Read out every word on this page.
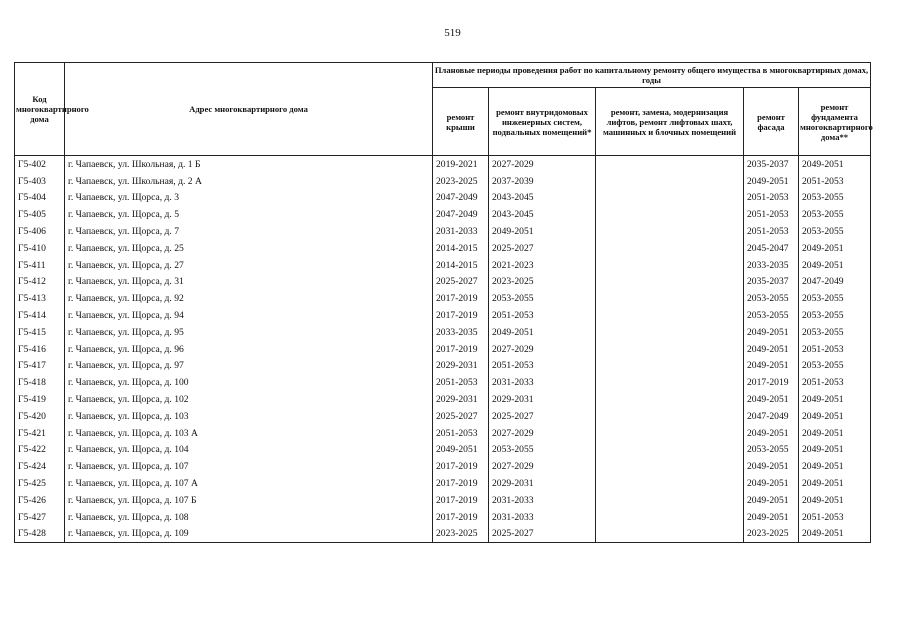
519
Код многоквартирного дома	Адрес многоквартирного дома	Плановые периоды проведения работ по капитальному ремонту общего имущества в многоквартирных домах, годы				
		ремонт крыши	ремонт внутридомовых инженерных систем, подвальных помещений*	ремонт, замена, модернизация лифтов, ремонт лифтовых шахт, машинных и блочных помещений	ремонт фасада	ремонт фундамента многоквартирного дома**
Г5-402	г. Чапаевск, ул. Школьная, д. 1 Б	2019-2021	2027-2029		2035-2037	2049-2051
Г5-403	г. Чапаевск, ул. Школьная, д. 2 А	2023-2025	2037-2039		2049-2051	2051-2053
Г5-404	г. Чапаевск, ул. Щорса, д. 3	2047-2049	2043-2045		2051-2053	2053-2055
Г5-405	г. Чапаевск, ул. Щорса, д. 5	2047-2049	2043-2045		2051-2053	2053-2055
Г5-406	г. Чапаевск, ул. Щорса, д. 7	2031-2033	2049-2051		2051-2053	2053-2055
Г5-410	г. Чапаевск, ул. Щорса, д. 25	2014-2015	2025-2027		2045-2047	2049-2051
Г5-411	г. Чапаевск, ул. Щорса, д. 27	2014-2015	2021-2023		2033-2035	2049-2051
Г5-412	г. Чапаевск, ул. Щорса, д. 31	2025-2027	2023-2025		2035-2037	2047-2049
Г5-413	г. Чапаевск, ул. Щорса, д. 92	2017-2019	2053-2055		2053-2055	2053-2055
Г5-414	г. Чапаевск, ул. Щорса, д. 94	2017-2019	2051-2053		2053-2055	2053-2055
Г5-415	г. Чапаевск, ул. Щорса, д. 95	2033-2035	2049-2051		2049-2051	2053-2055
Г5-416	г. Чапаевск, ул. Щорса, д. 96	2017-2019	2027-2029		2049-2051	2051-2053
Г5-417	г. Чапаевск, ул. Щорса, д. 97	2029-2031	2051-2053		2049-2051	2053-2055
Г5-418	г. Чапаевск, ул. Щорса, д. 100	2051-2053	2031-2033		2017-2019	2051-2053
Г5-419	г. Чапаевск, ул. Щорса, д. 102	2029-2031	2029-2031		2049-2051	2049-2051
Г5-420	г. Чапаевск, ул. Щорса, д. 103	2025-2027	2025-2027		2047-2049	2049-2051
Г5-421	г. Чапаевск, ул. Щорса, д. 103 А	2051-2053	2027-2029		2049-2051	2049-2051
Г5-422	г. Чапаевск, ул. Щорса, д. 104	2049-2051	2053-2055		2053-2055	2049-2051
Г5-424	г. Чапаевск, ул. Щорса, д. 107	2017-2019	2027-2029		2049-2051	2049-2051
Г5-425	г. Чапаевск, ул. Щорса, д. 107 А	2017-2019	2029-2031		2049-2051	2049-2051
Г5-426	г. Чапаевск, ул. Щорса, д. 107 Б	2017-2019	2031-2033		2049-2051	2049-2051
Г5-427	г. Чапаевск, ул. Щорса, д. 108	2017-2019	2031-2033		2049-2051	2051-2053
Г5-428	г. Чапаевск, ул. Щорса, д. 109	2023-2025	2025-2027		2023-2025	2049-2051
